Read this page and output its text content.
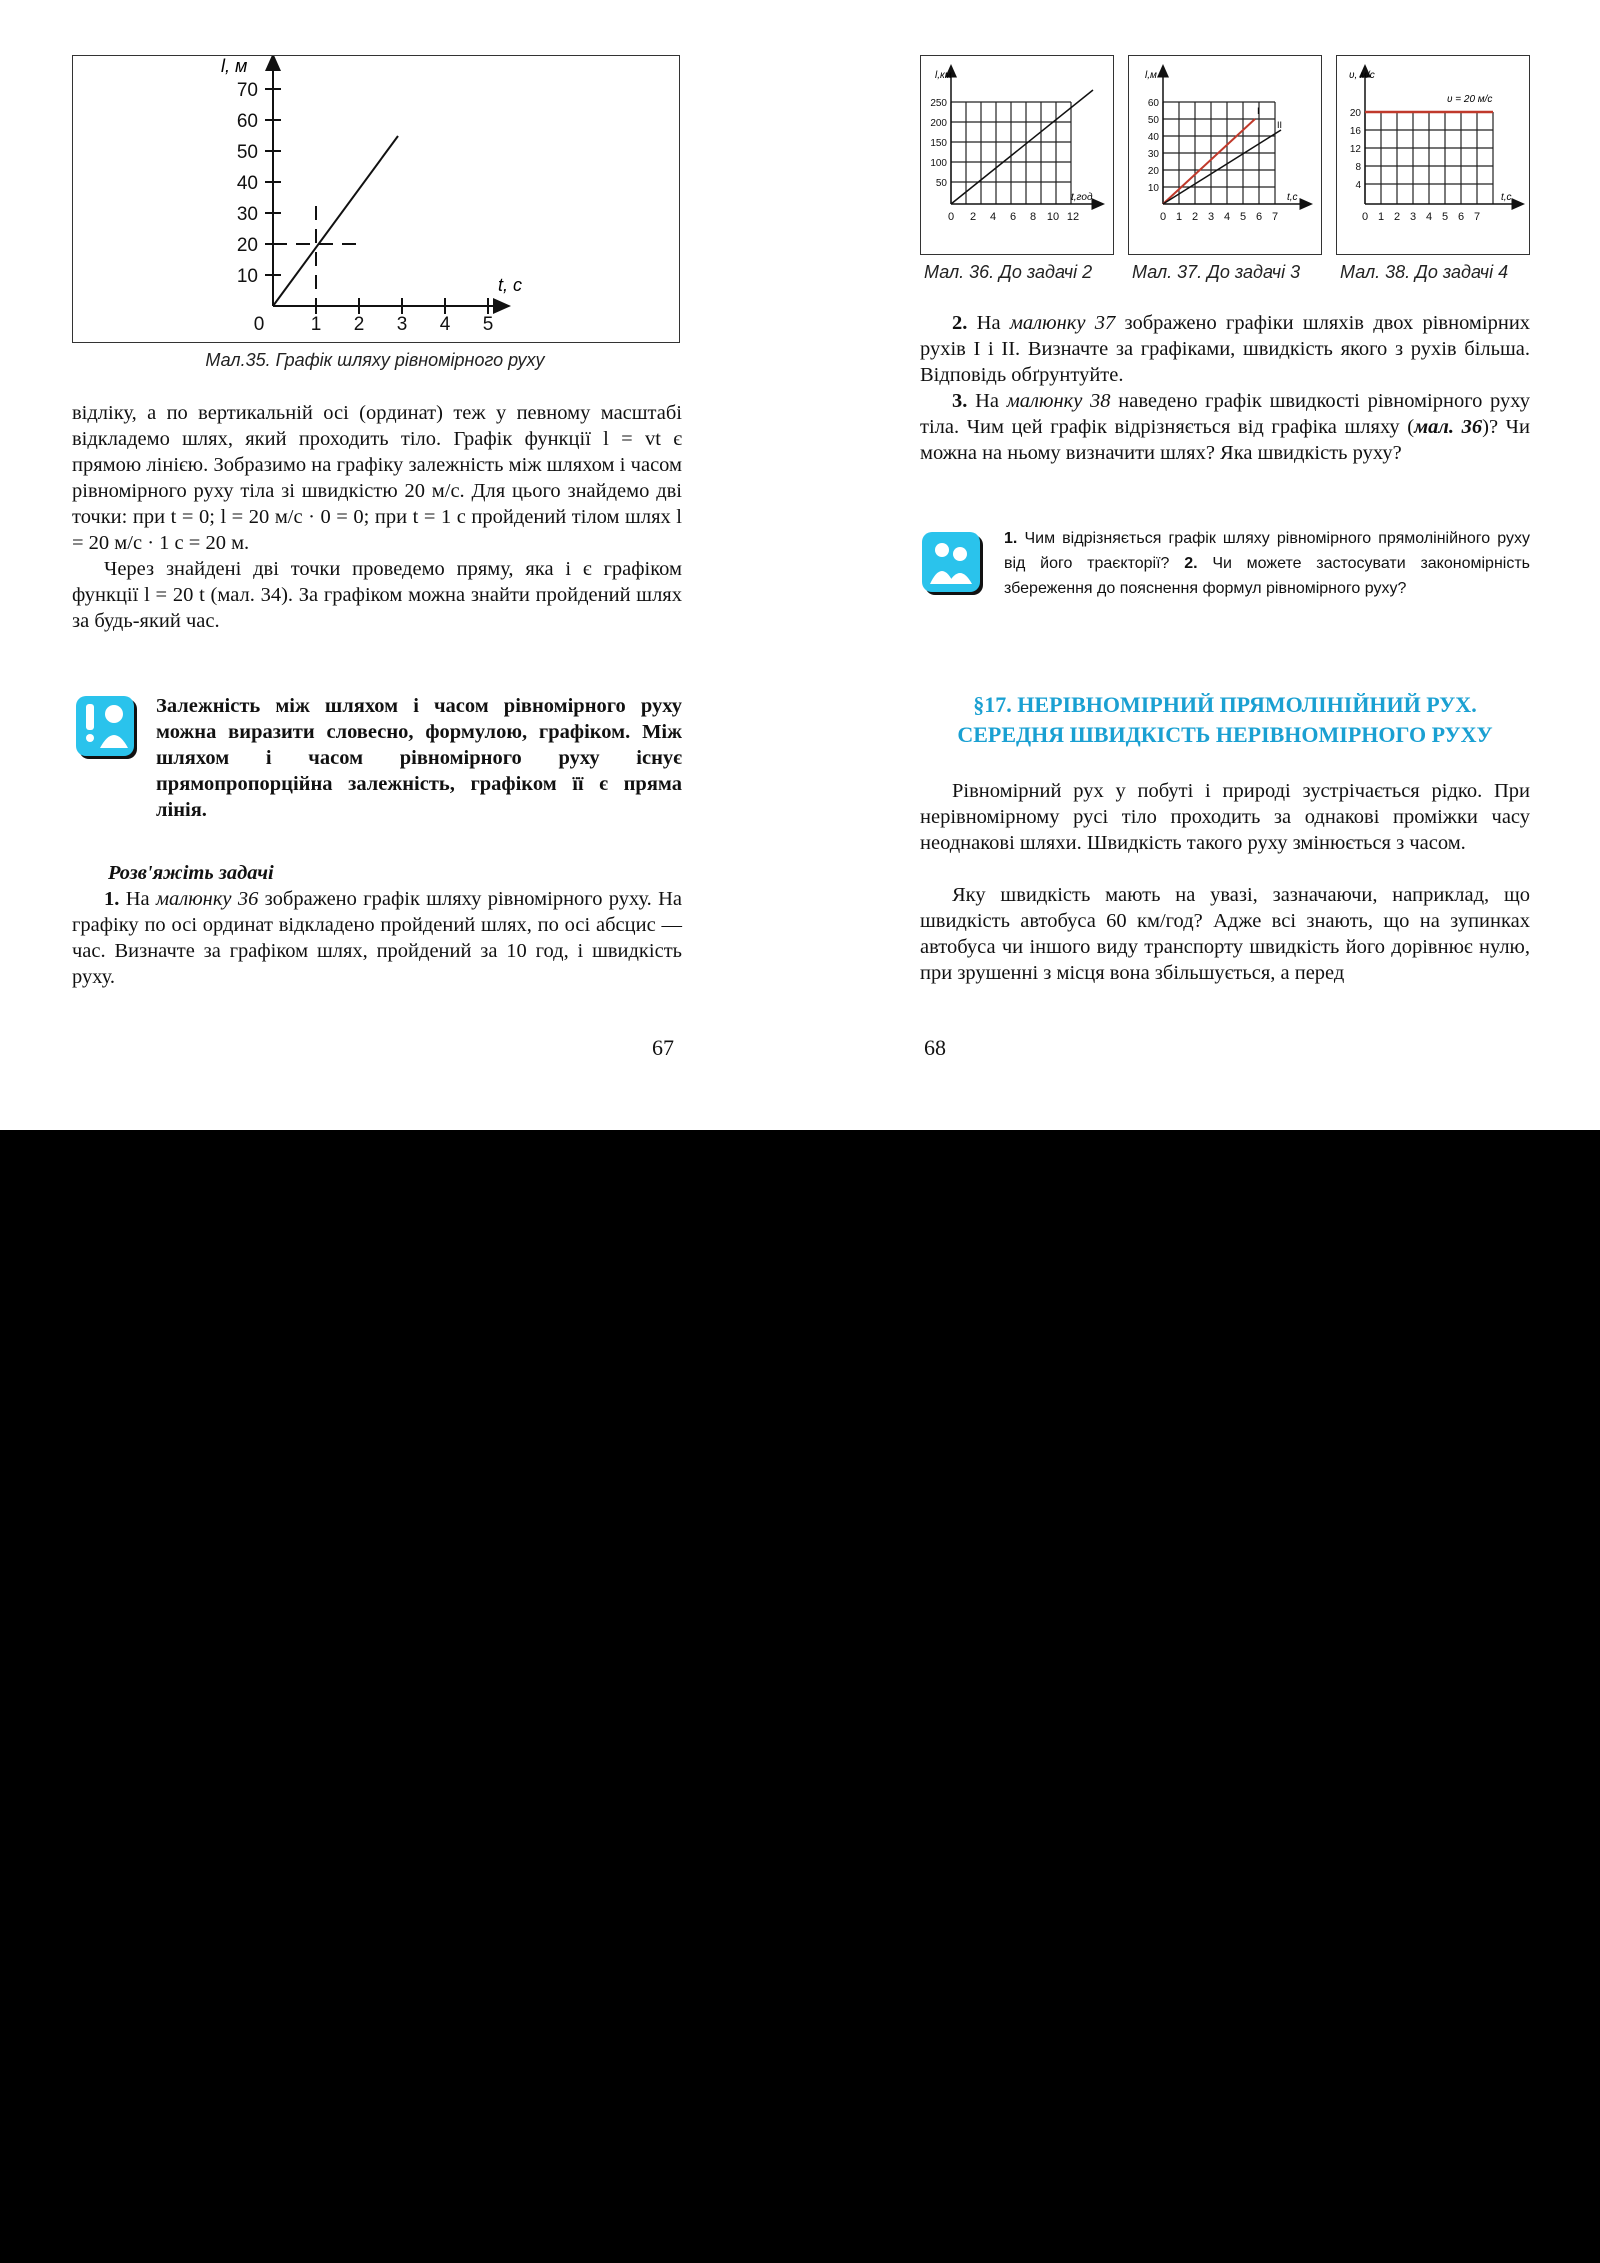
10
20
30
40
50
60
70
0 1 2 3 4 5
l, м
t, с
Мал.35. Графік шляху рівномірного руху

відліку, а по вертикальній осі (ординат) теж у певному масштабі відкладемо шлях, який проходить тіло. Графік функції l = vt є прямою лінією. Зобразимо на графіку залежність між шляхом і часом рівномірного руху тіла зі швидкістю 20 м/с. Для цього знайдемо дві точки: при t = 0; l = 20 м/с · 0 = 0; при t = 1 с пройдений тілом шлях l = 20 м/с · 1 с = 20 м.

Через знайдені дві точки проведемо пряму, яка і є графіком функції l = 20 t (мал. 34). За графіком можна знайти пройдений шлях за будь-який час.

Залежність між шляхом і часом рівномірного руху можна виразити словесно, формулою, графіком. Між шляхом і часом рівномірного руху існує прямопропорційна залежність, графіком її є пряма лінія.

Розв'яжіть задачі

1. На малюнку 36 зображено графік шляху рівномірного руху. На графіку по осі ординат відкладено пройдений шлях, по осі абсцис — час. Визначте за графіком шлях, пройдений за 10 год, і швидкість руху.

67
50
100
150
200
250
0 2 4 6 8 10 12
l,км
t,год
I
II
10
20
30
40
50
60
0 1 2 3 4 5 6 7
l,м
t,c
υ = 20 м/с
4
8
12
16
20
0 1 2 3 4 5 6 7
υ, м/с
t,c
Мал. 36. До задачі 2 Мал. 37. До задачі 3 Мал. 38. До задачі 4

2. На малюнку 37 зображено графіки шляхів двох рівномірних рухів I і II. Визначте за графіками, швидкість якого з рухів більша. Відповідь обґрунтуйте.

3. На малюнку 38 наведено графік швидкості рівномірного руху тіла. Чим цей графік відрізняється від графіка шляху (мал. 36)? Чи можна на ньому визначити шлях? Яка швидкість руху?

1. Чим відрізняється графік шляху рівномірного прямолінійного руху від його траєкторії? 2. Чи можете застосувати закономірність збереження до пояснення формул рівномірного руху?
§17. НЕРІВНОМІРНИЙ ПРЯМОЛІНІЙНИЙ РУХ.
СЕРЕДНЯ ШВИДКІСТЬ НЕРІВНОМІРНОГО РУХУ

Рівномірний рух у побуті і природі зустрічається рідко. При нерівномірному русі тіло проходить за однакові проміжки часу неоднакові шляхи. Швидкість такого руху змінюється з часом.

Яку швидкість мають на увазі, зазначаючи, наприклад, що швидкість автобуса 60 км/год? Адже всі знають, що на зупинках автобуса чи іншого виду транспорту швидкість його дорівнює нулю, при зрушенні з місця вона збільшується, а перед

68
